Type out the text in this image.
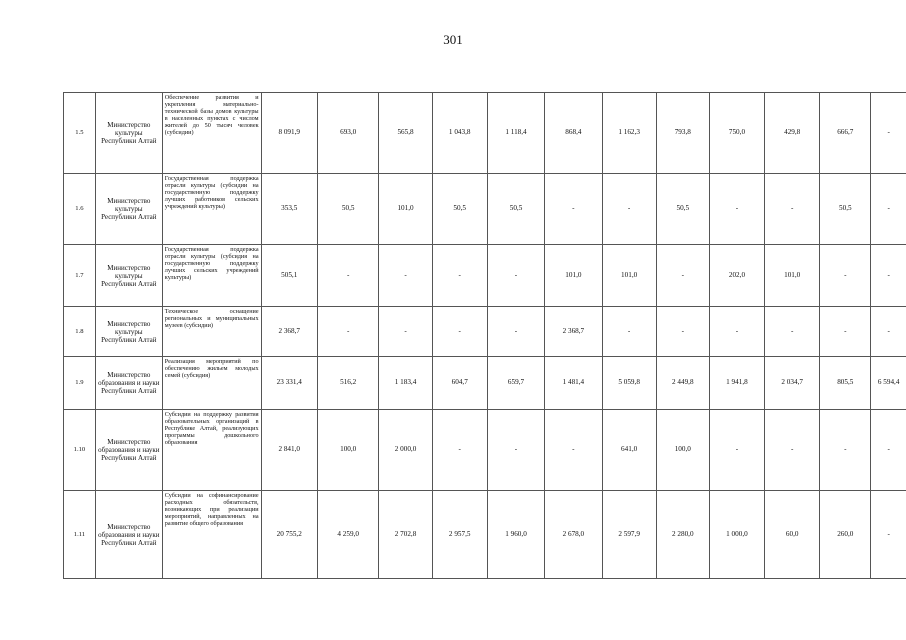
301
1.5	Министерство культуры Республики Алтай	Обеспечение развития и укрепления материально-технической базы домов культуры в населенных пунктах с числом жителей до 50 тысяч человек (субсидии)	8 091,9	693,0	565,8	1 043,8	1 118,4	868,4	1 162,3	793,8	750,0	429,8	666,7	-
1.6	Министерство культуры Республики Алтай	Государственная поддержка отрасли культуры (субсидии на государственную поддержку лучших работников сельских учреждений культуры)	353,5	50,5	101,0	50,5	50,5	-	-	50,5	-	-	50,5	-
1.7	Министерство культуры Республики Алтай	Государственная поддержка отрасли культуры (субсидия на государственную поддержку лучших сельских учреждений культуры)	505,1	-	-	-	-	101,0	101,0	-	202,0	101,0	-	-
1.8	Министерство культуры Республики Алтай	Техническое оснащение региональных и муниципальных музеев (субсидии)	2 368,7	-	-	-	-	2 368,7	-	-	-	-	-	-
1.9	Министерство образования и науки Республики Алтай	Реализация мероприятий по обеспечению жильем молодых семей (субсидия)	23 331,4	516,2	1 183,4	604,7	659,7	1 481,4	5 059,8	2 449,8	1 941,8	2 034,7	805,5	6 594,4
1.10	Министерство образования и науки Республики Алтай	Субсидии на поддержку развития образовательных организаций в Республике Алтай, реализующих программы дошкольного образования	2 841,0	100,0	2 000,0	-	-	-	641,0	100,0	-	-	-	-
1.11	Министерство образования и науки Республики Алтай	Субсидии на софинансирование расходных обязательств, возникающих при реализации мероприятий, направленных на развитие общего образования	20 755,2	4 259,0	2 702,8	2 957,5	1 960,0	2 678,0	2 597,9	2 280,0	1 000,0	60,0	260,0	-
